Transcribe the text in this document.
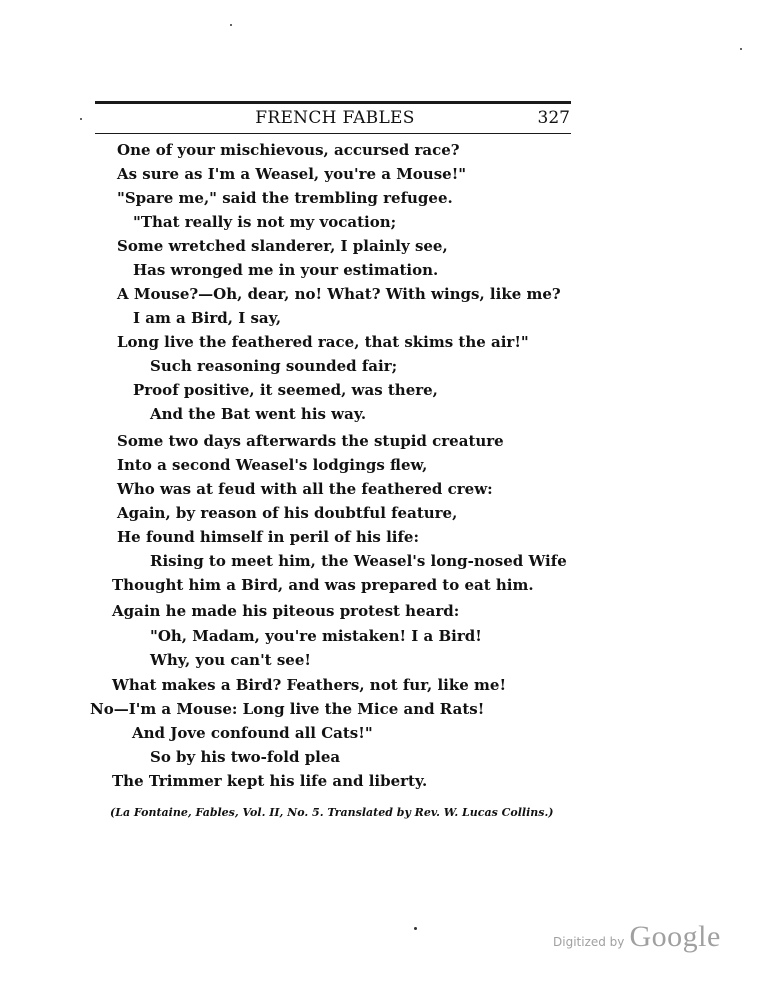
FRENCH FABLES	327
One of your mischievous, accursed race?
As sure as I'm a Weasel, you're a Mouse!"
"Spare me," said the trembling refugee.
"That really is not my vocation;
Some wretched slanderer, I plainly see,
Has wronged me in your estimation.
A Mouse?—Oh, dear, no! What? With wings, like me?
I am a Bird, I say,
Long live the feathered race, that skims the air!"
Such reasoning sounded fair;
Proof positive, it seemed, was there,
And the Bat went his way.
Some two days afterwards the stupid creature
Into a second Weasel's lodgings flew,
Who was at feud with all the feathered crew:
Again, by reason of his doubtful feature,
He found himself in peril of his life:
Rising to meet him, the Weasel's long-nosed Wife
Thought him a Bird, and was prepared to eat him.
Again he made his piteous protest heard:
"Oh, Madam, you're mistaken! I a Bird!
Why, you can't see!
What makes a Bird? Feathers, not fur, like me!
No—I'm a Mouse: Long live the Mice and Rats!
And Jove confound all Cats!"
So by his two-fold plea
The Trimmer kept his life and liberty.
(La Fontaine, Fables, Vol. II, No. 5. Translated by Rev. W. Lucas Collins.)
Digitized by Google
